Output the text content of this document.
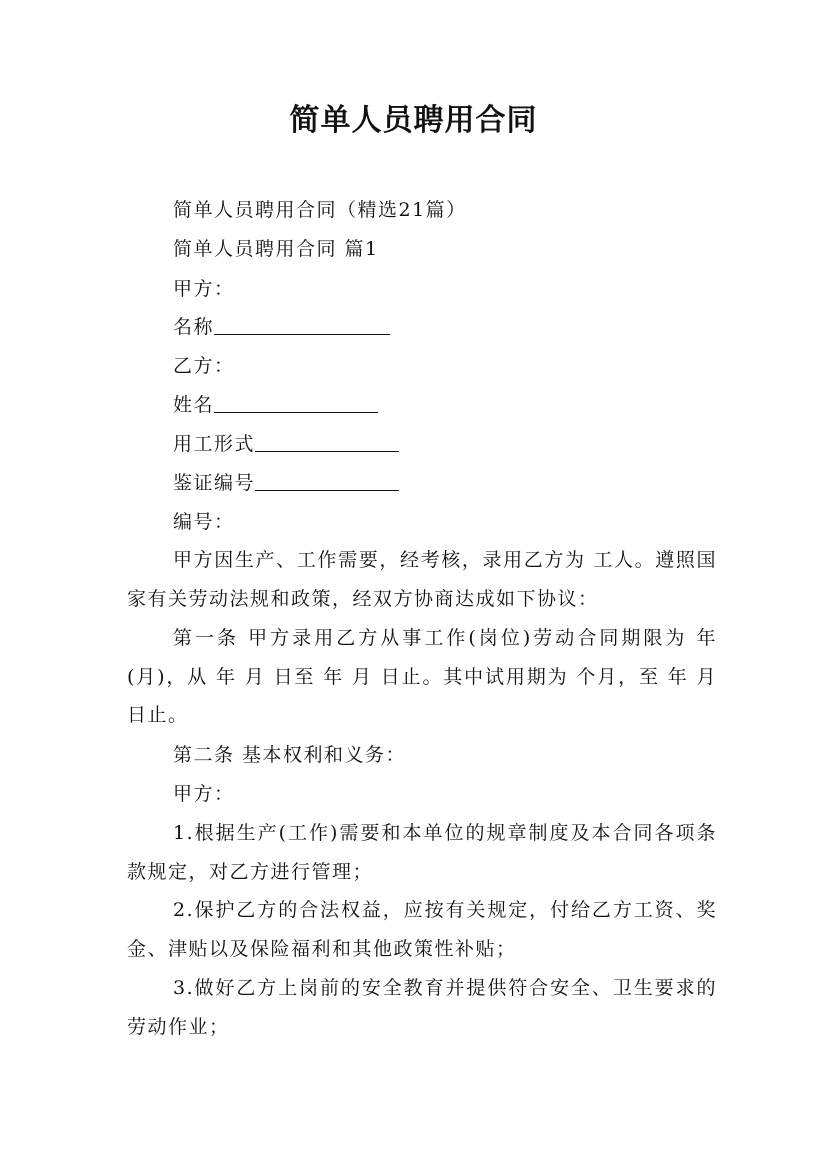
简单人员聘用合同
简单人员聘用合同（精选21篇）
简单人员聘用合同 篇1
甲方：
名称
乙方：
姓名
用工形式
鉴证编号
编号：
甲方因生产、工作需要，经考核，录用乙方为 工人。遵照国家有关劳动法规和政策，经双方协商达成如下协议：
第一条 甲方录用乙方从事工作(岗位)劳动合同期限为 年(月)，从 年 月 日至 年 月 日止。其中试用期为 个月，至 年 月 日止。
第二条 基本权利和义务：
甲方：
1.根据生产(工作)需要和本单位的规章制度及本合同各项条款规定，对乙方进行管理；
2.保护乙方的合法权益，应按有关规定，付给乙方工资、奖金、津贴以及保险福利和其他政策性补贴；
3.做好乙方上岗前的安全教育并提供符合安全、卫生要求的劳动作业；
